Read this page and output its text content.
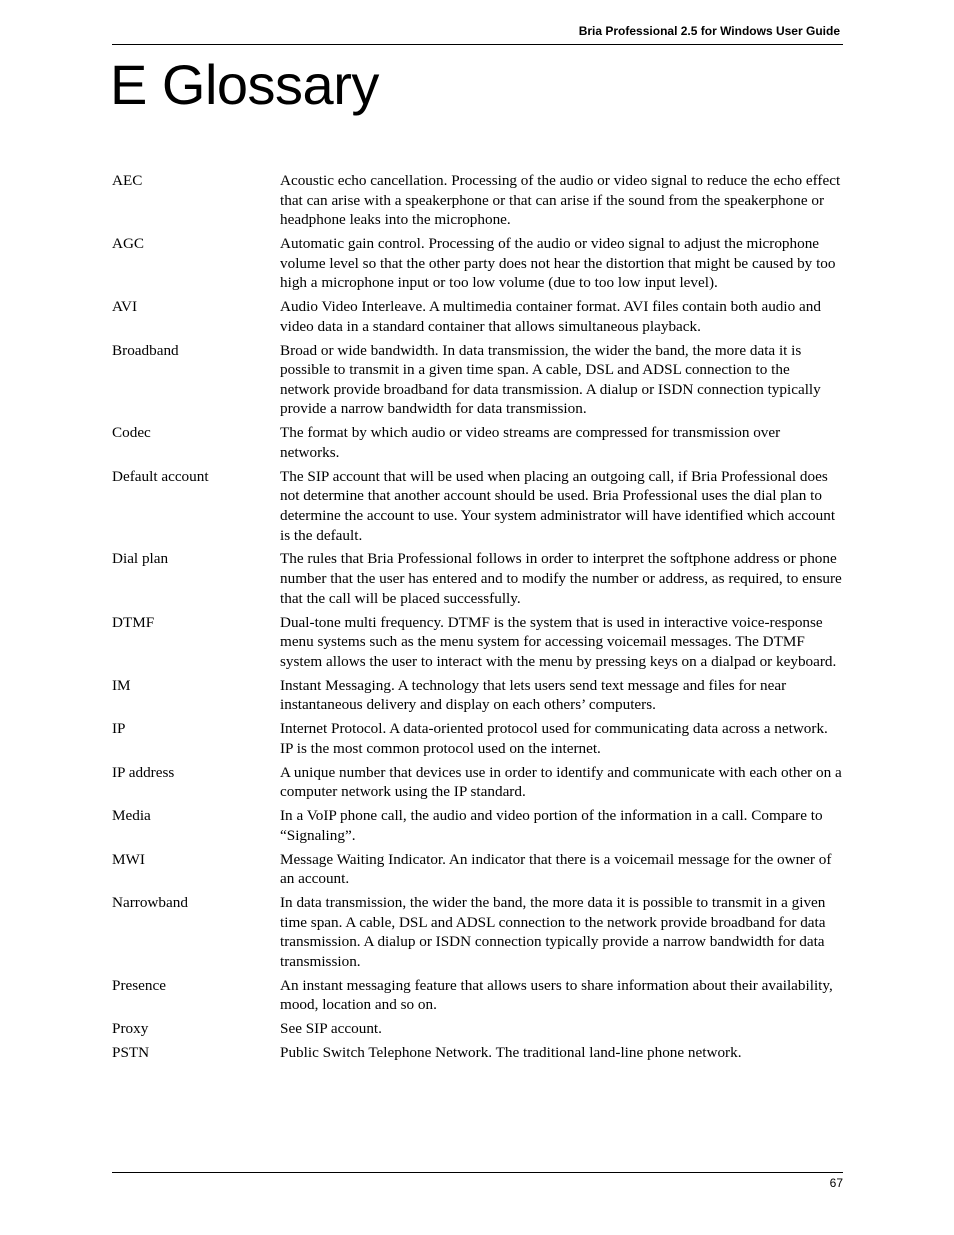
Bria Professional 2.5 for Windows User Guide
E Glossary
AEC	Acoustic echo cancellation. Processing of the audio or video signal to reduce the echo effect that can arise with a speakerphone or that can arise if the sound from the speakerphone or headphone leaks into the microphone.
AGC	Automatic gain control. Processing of the audio or video signal to adjust the microphone volume level so that the other party does not hear the distortion that might be caused by too high a microphone input or too low volume (due to too low input level).
AVI	Audio Video Interleave. A multimedia container format. AVI files contain both audio and video data in a standard container that allows simultaneous playback.
Broadband	Broad or wide bandwidth. In data transmission, the wider the band, the more data it is possible to transmit in a given time span. A cable, DSL and ADSL connection to the network provide broadband for data transmission. A dialup or ISDN connection typically provide a narrow bandwidth for data transmission.
Codec	The format by which audio or video streams are compressed for transmission over networks.
Default account	The SIP account that will be used when placing an outgoing call, if Bria Professional does not determine that another account should be used. Bria Professional uses the dial plan to determine the account to use. Your system administrator will have identified which account is the default.
Dial plan	The rules that Bria Professional follows in order to interpret the softphone address or phone number that the user has entered and to modify the number or address, as required, to ensure that the call will be placed successfully.
DTMF	Dual-tone multi frequency. DTMF is the system that is used in interactive voice-response menu systems such as the menu system for accessing voicemail messages. The DTMF system allows the user to interact with the menu by pressing keys on a dialpad or keyboard.
IM	Instant Messaging. A technology that lets users send text message and files for near instantaneous delivery and display on each others’ computers.
IP	Internet Protocol. A data-oriented protocol used for communicating data across a network. IP is the most common protocol used on the internet.
IP address	A unique number that devices use in order to identify and communicate with each other on a computer network using the IP standard.
Media	In a VoIP phone call, the audio and video portion of the information in a call. Compare to “Signaling”.
MWI	Message Waiting Indicator. An indicator that there is a voicemail message for the owner of an account.
Narrowband	In data transmission, the wider the band, the more data it is possible to transmit in a given time span. A cable, DSL and ADSL connection to the network provide broadband for data transmission. A dialup or ISDN connection typically provide a narrow bandwidth for data transmission.
Presence	An instant messaging feature that allows users to share information about their availability, mood, location and so on.
Proxy	See SIP account.
PSTN	Public Switch Telephone Network. The traditional land-line phone network.
67
